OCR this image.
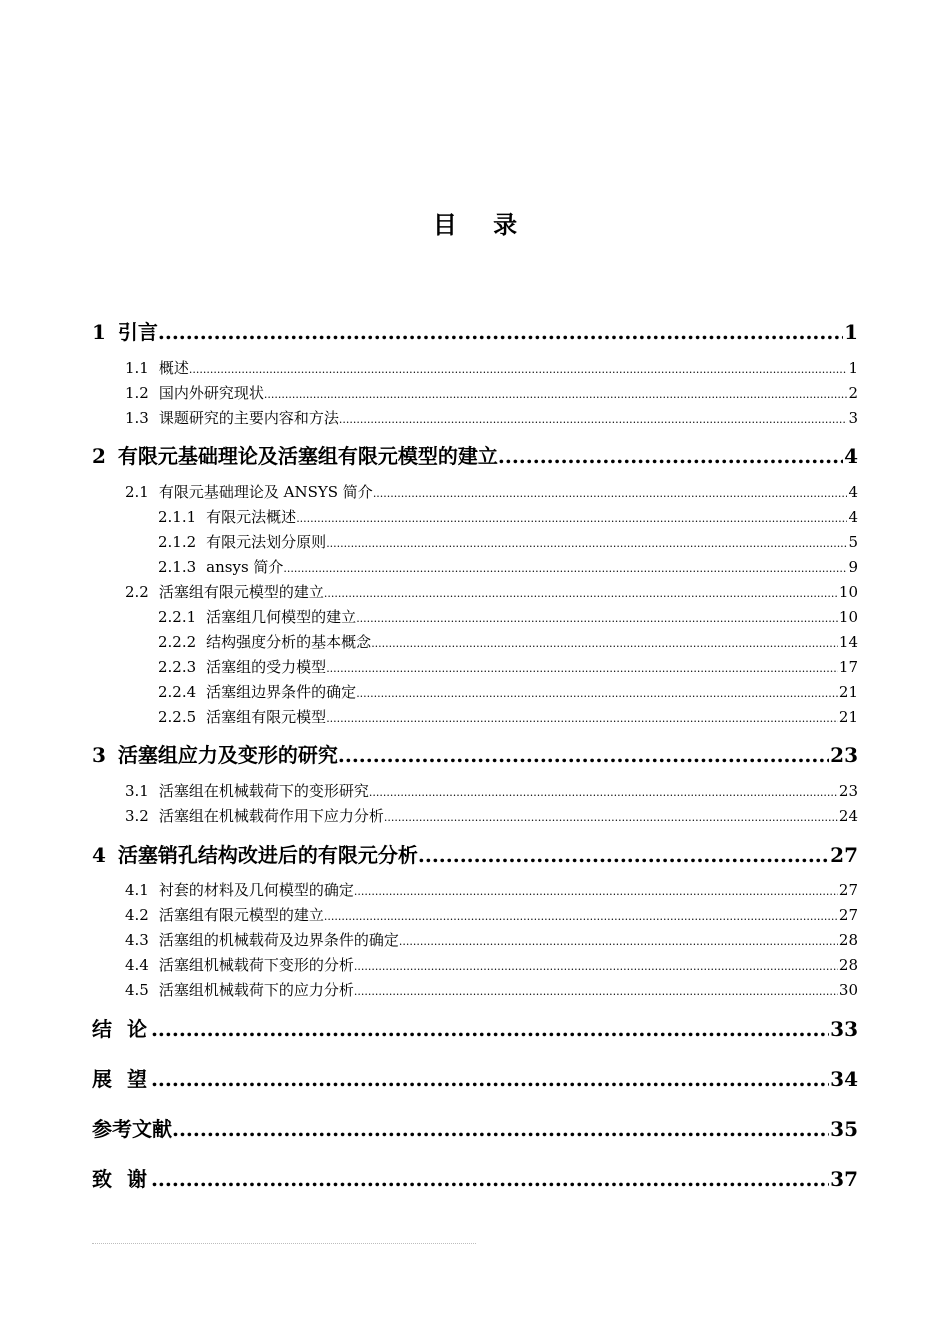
目 录
1 引言 .....	1
1.1 概述 .....	1
1.2 国内外研究现状 .....	2
1.3 课题研究的主要内容和方法 .....	3
2 有限元基础理论及活塞组有限元模型的建立 .....	4
2.1 有限元基础理论及 ANSYS 简介 .....	4
2.1.1 有限元法概述 .....	4
2.1.2 有限元法划分原则 .....	5
2.1.3 ansys 简介 .....	9
2.2 活塞组有限元模型的建立 .....	10
2.2.1 活塞组几何模型的建立 .....	10
2.2.2 结构强度分析的基本概念 .....	14
2.2.3 活塞组的受力模型 .....	17
2.2.4 活塞组边界条件的确定 .....	21
2.2.5 活塞组有限元模型 .....	21
3 活塞组应力及变形的研究 .....	23
3.1 活塞组在机械载荷下的变形研究 .....	23
3.2 活塞组在机械载荷作用下应力分析 .....	24
4 活塞销孔结构改进后的有限元分析 .....	27
4.1 衬套的材料及几何模型的确定 .....	27
4.2 活塞组有限元模型的建立 .....	27
4.3 活塞组的机械载荷及边界条件的确定 .....	28
4.4 活塞组机械载荷下变形的分析 .....	28
4.5 活塞组机械载荷下的应力分析 .....	30
结 论 .....	33
展 望 .....	34
参考文献 .....	35
致 谢 .....	37
